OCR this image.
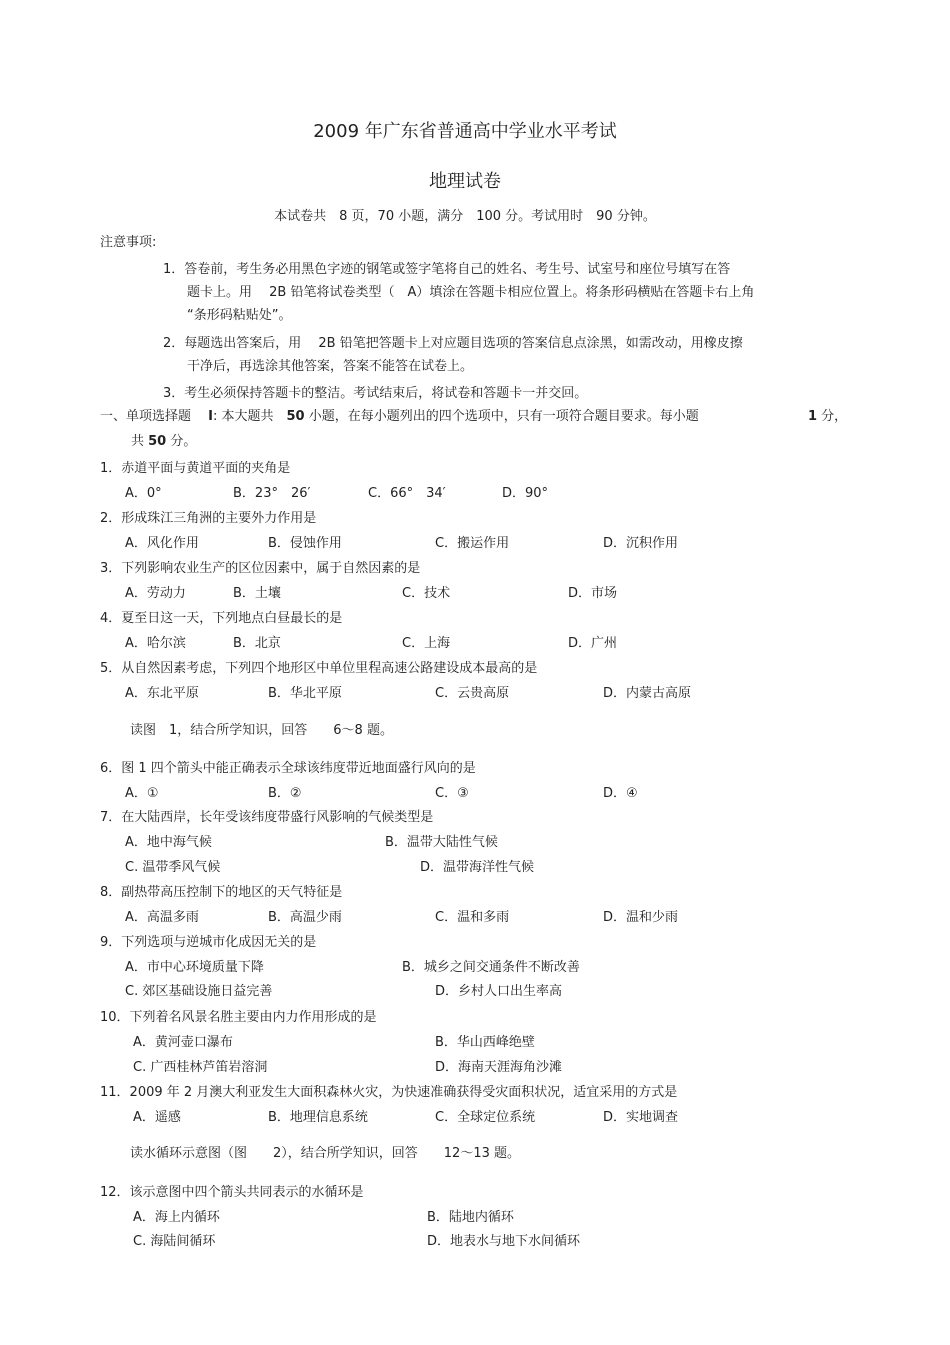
2009 年广东省普通高中学业水平考试
地理试卷
本试卷共　8 页，70 小题，满分　100 分。考试用时　90 分钟。
注意事项:
1．答卷前，考生务必用黑色字迹的钢笔或签字笔将自己的姓名、考生号、试室号和座位号填写在答
题卡上。用　 2B 铅笔将试卷类型（　A）填涂在答题卡相应位置上。将条形码横贴在答题卡右上角
“条形码粘贴处”。
2．每题选出答案后，用　 2B 铅笔把答题卡上对应题目选项的答案信息点涂黑，如需改动，用橡皮擦
干净后，再选涂其他答案，答案不能答在试卷上。
3．考生必须保持答题卡的整洁。考试结束后，将试卷和答题卡一并交回。
一、单项选择题　 I: 本大题共　50 小题，在每小题列出的四个选项中，只有一项符合题目要求。每小题	1 分，
共 50 分。
1．赤道平面与黄道平面的夹角是
A．0°	B．23°　26′	C．66°　34′	D．90°
2．形成珠江三角洲的主要外力作用是
A．风化作用	B．侵蚀作用	C．搬运作用	D．沉积作用
3．下列影响农业生产的区位因素中，属于自然因素的是
A．劳动力	B．土壤	C．技术	D．市场
4．夏至日这一天，下列地点白昼最长的是
A．哈尔滨	B．北京	C．上海	D．广州
5．从自然因素考虑，下列四个地形区中单位里程高速公路建设成本最高的是
A．东北平原	B．华北平原	C．云贵高原	D．内蒙古高原
读图　1，结合所学知识，回答　　6～8 题。
6．图 1 四个箭头中能正确表示全球该纬度带近地面盛行风向的是
A．①	B．②	C．③	D．④
7．在大陆西岸，长年受该纬度带盛行风影响的气候类型是
A．地中海气候	B．温带大陆性气候
C. 温带季风气候	D．温带海洋性气候
8．副热带高压控制下的地区的天气特征是
A．高温多雨	B．高温少雨	C．温和多雨	D．温和少雨
9．下列选项与逆城市化成因无关的是
A．市中心环境质量下降	B．城乡之间交通条件不断改善
C. 郊区基础设施日益完善	D．乡村人口出生率高
10．下列着名风景名胜主要由内力作用形成的是
A．黄河壶口瀑布	B．华山西峰绝壁
C. 广西桂林芦笛岩溶洞	D．海南天涯海角沙滩
11．2009 年 2 月澳大利亚发生大面积森林火灾，为快速准确获得受灾面积状况，适宜采用的方式是
A．遥感	B．地理信息系统	C．全球定位系统	D．实地调查
读水循环示意图（图　　2），结合所学知识，回答　　12～13 题。
12．该示意图中四个箭头共同表示的水循环是
A．海上内循环	B．陆地内循环
C. 海陆间循环	D．地表水与地下水间循环
